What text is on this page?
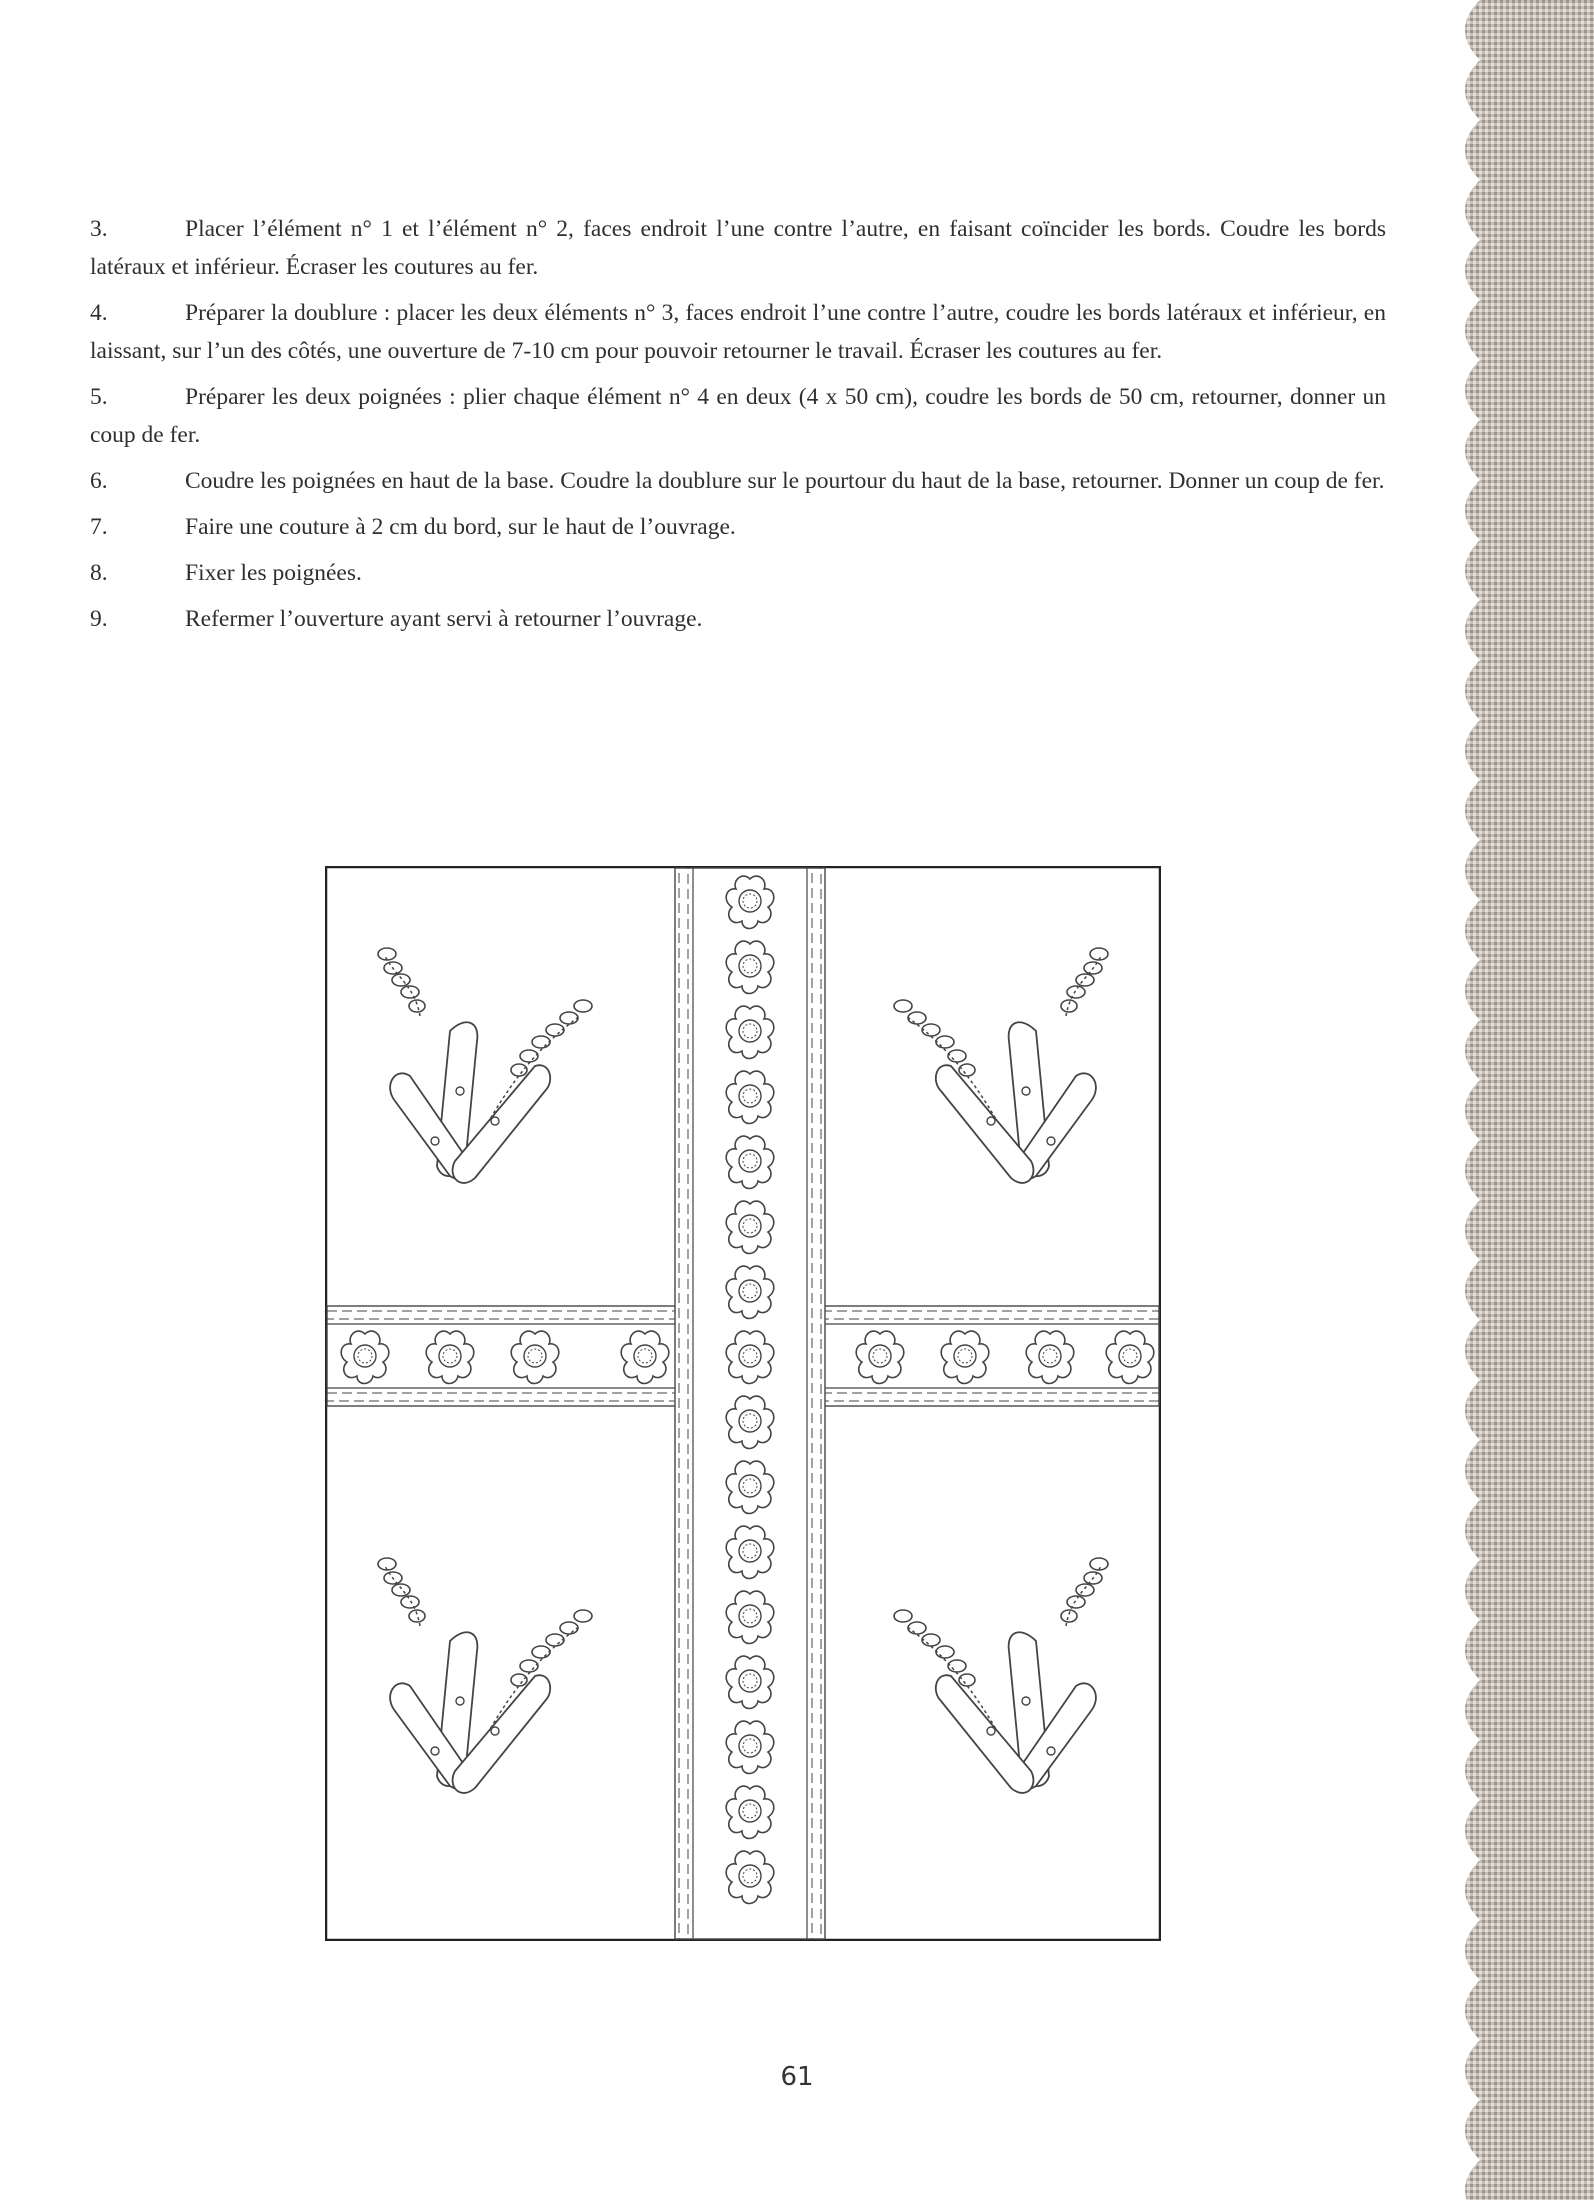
3.	Placer l’élément n° 1 et l’élément n° 2, faces endroit l’une contre l’autre, en faisant coïncider les bords. Coudre les bords latéraux et inférieur. Écraser les coutures au fer.
4.	Préparer la doublure : placer les deux éléments n° 3, faces endroit l’une contre l’autre, coudre les bords latéraux et inférieur, en laissant, sur l’un des côtés, une ouverture de 7-10 cm pour pouvoir retourner le travail. Écraser les coutures au fer.
5.	Préparer les deux poignées : plier chaque élément n° 4 en deux (4 x 50 cm), coudre les bords de 50 cm, retourner, donner un coup de fer.
6.	Coudre les poignées en haut de la base. Coudre la doublure sur le pourtour du haut de la base, retourner. Donner un coup de fer.
7.	Faire une couture à 2 cm du bord, sur le haut de l’ouvrage.
8.	Fixer les poignées.
9.	Refermer l’ouverture ayant servi à retourner l’ouvrage.
61
